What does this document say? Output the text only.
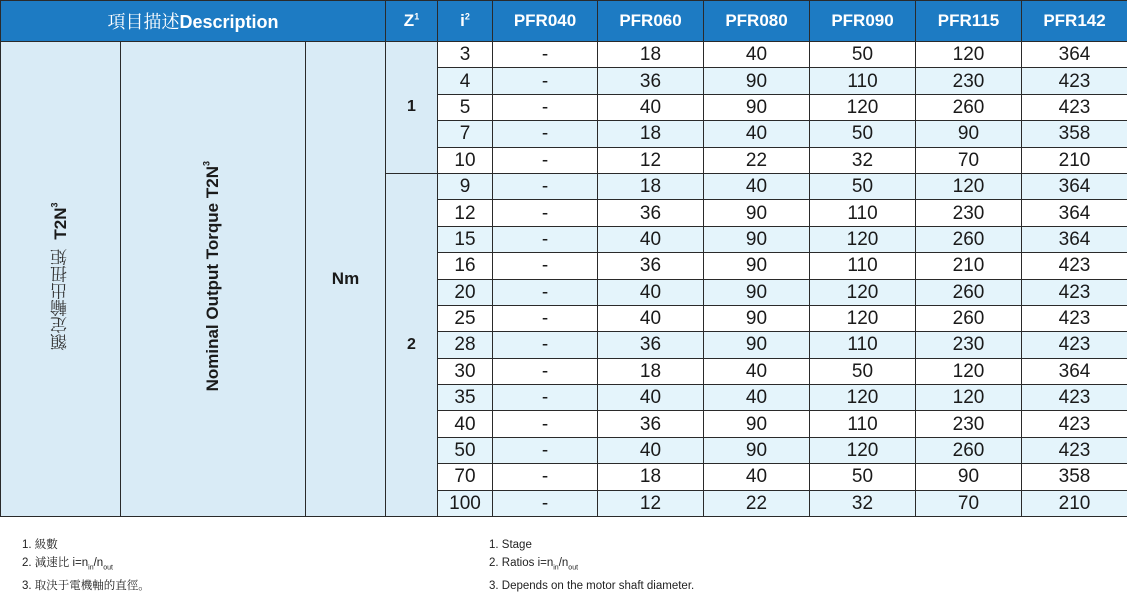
項目描述Description			$Z^1$	$i^2$	PFR040	PFR060	PFR080	PFR090	PFR115	PFR142
額定輸出扭矩  $T2N^3$	Nominal Output Torque $T2N^3$	Nm	1	3	-	18	40	50	120	364
				4	-	36	90	110	230	423
				5	-	40	90	120	260	423
				7	-	18	40	50	90	358
				10	-	12	22	32	70	210
			2	9	-	18	40	50	120	364
				12	-	36	90	110	230	364
				15	-	40	90	120	260	364
				16	-	36	90	110	210	423
				20	-	40	90	120	260	423
				25	-	40	90	120	260	423
				28	-	36	90	110	230	423
				30	-	18	40	50	120	364
				35	-	40	40	120	120	423
				40	-	36	90	110	230	423
				50	-	40	90	120	260	423
				70	-	18	40	50	90	358
				100	-	12	22	32	70	210

1. 級數

2. 減速比 $i=n_{in}/n_{out}$

3. 取決于電機軸的直徑。

1. Stage

2. Ratios $i=n_{in}/n_{out}$

3. Depends on the motor shaft diameter.
